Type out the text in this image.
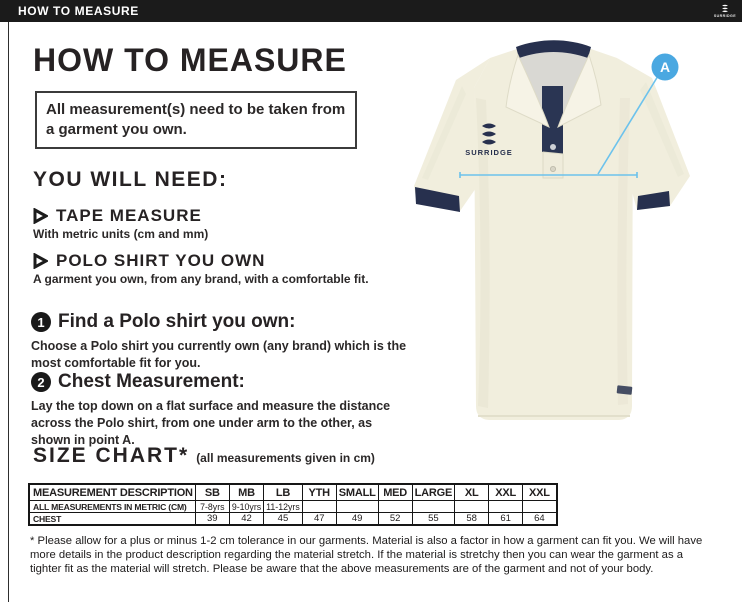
HOW TO MEASURE	SURRIDGE
HOW TO MEASURE
All measurement(s) need to be taken from a garment you own.
YOU WILL NEED:
TAPE MEASURE
With metric units (cm and mm)
POLO SHIRT YOU OWN
A garment you own, from any brand, with a comfortable fit.
1 Find a Polo shirt you own:
Choose a Polo shirt you currently own (any brand) which is the most comfortable fit for you.
2 Chest Measurement:
Lay the top down on a flat surface and measure the distance across the Polo shirt, from one under arm to the other, as shown in point A.
SIZE CHART* (all measurements given in cm)
MEASUREMENT DESCRIPTION	SB	MB	LB	YTH	SMALL	MED	LARGE	XL	XXL	XXL
ALL MEASUREMENTS IN METRIC (CM)	7-8yrs	9-10yrs	11-12yrs							
CHEST	39	42	45	47	49	52	55	58	61	64
* Please allow for a plus or minus 1-2 cm tolerance in our garments. Material is also a factor in how a garment can fit you. We will have more details in the product description regarding the material stretch. If the material is stretchy then you can wear the garment as a tighter fit as the material will stretch. Please be aware that the above measurements are of the garment and not of your body.
SURRIDGE
A
